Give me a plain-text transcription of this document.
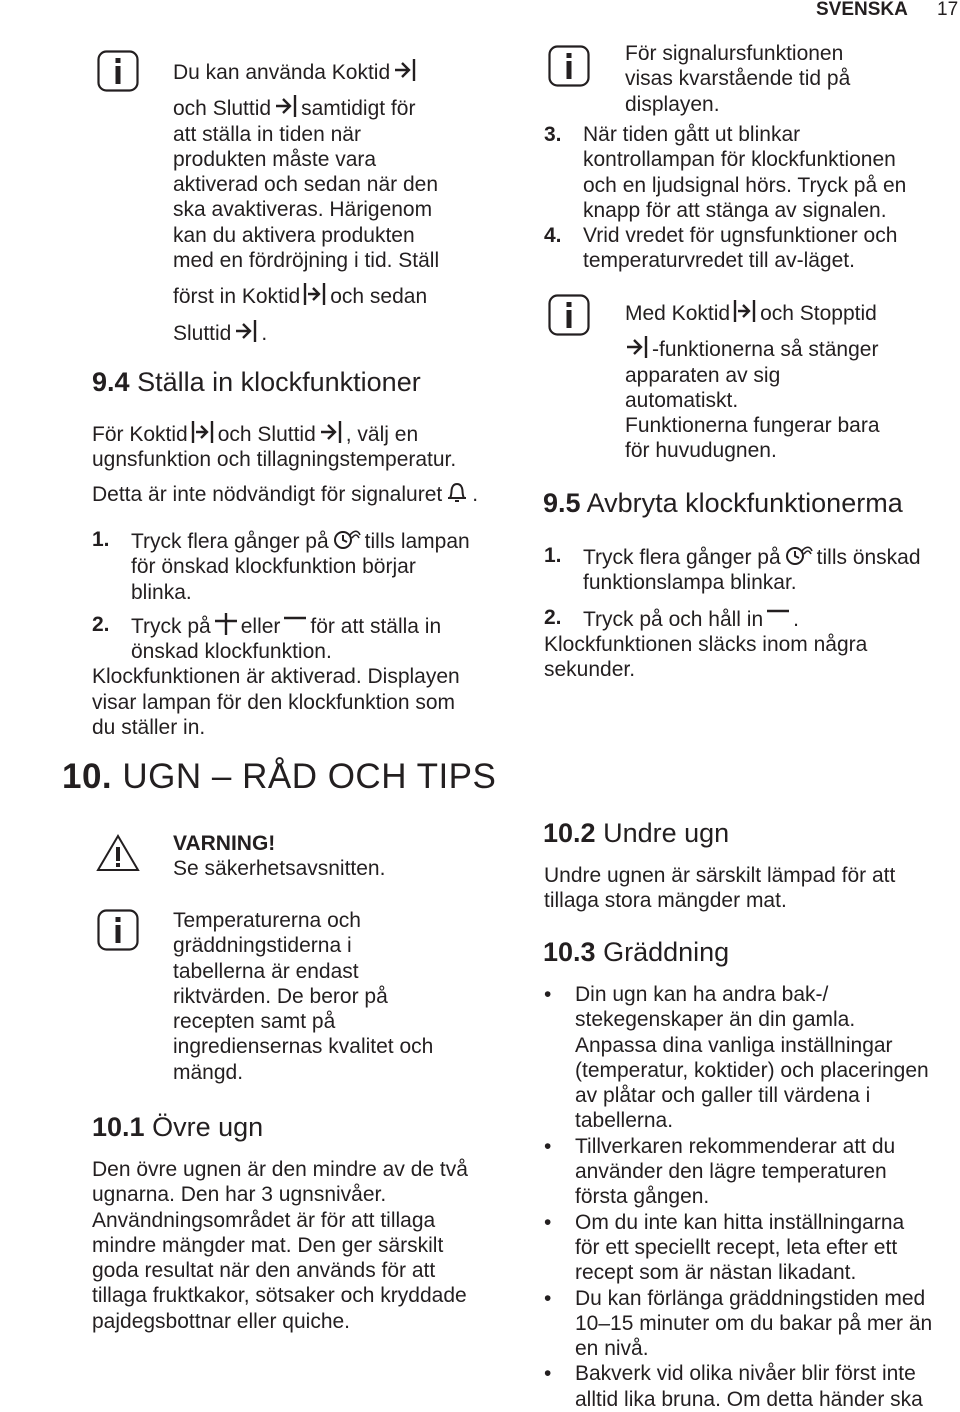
SVENSKA 17
Du kan använda Koktid
och Sluttid samtidigt för
att ställa in tiden när
produkten måste vara
aktiverad och sedan när den
ska avaktiveras. Härigenom
kan du aktivera produkten
med en fördröjning i tid. Ställ
först in Koktid och sedan
Sluttid .
9.4 Ställa in klockfunktioner
För Koktid och Sluttid , välj en
ugnsfunktion och tillagningstemperatur.
Detta är inte nödvändigt för signaluret .
1. Tryck flera gånger på tills lampan
för önskad klockfunktion börjar
blinka.
2. Tryck på eller för att ställa in
önskad klockfunktion.
Klockfunktionen är aktiverad. Displayen
visar lampan för den klockfunktion som
du ställer in.
10. UGN – RÅD OCH TIPS
VARNING!
Se säkerhetsavsnitten.
Temperaturerna och
gräddningstiderna i
tabellerna är endast
riktvärden. De beror på
recepten samt på
ingrediensernas kvalitet och
mängd.
10.1 Övre ugn
Den övre ugnen är den mindre av de två
ugnarna. Den har 3 ugnsnivåer.
Användningsområdet är för att tillaga
mindre mängder mat. Den ger särskilt
goda resultat när den används för att
tillaga fruktkakor, sötsaker och kryddade
pajdegsbottnar eller quiche.
För signalursfunktionen
visas kvarstående tid på
displayen.
3. När tiden gått ut blinkar
kontrollampan för klockfunktionen
och en ljudsignal hörs. Tryck på en
knapp för att stänga av signalen.
4. Vrid vredet för ugnsfunktioner och
temperaturvredet till av-läget.
Med Koktid och Stopptid
-funktionerna så stänger
apparaten av sig
automatiskt.
Funktionerna fungerar bara
för huvudugnen.
9.5 Avbryta klockfunktionerma
1. Tryck flera gånger på tills önskad
funktionslampa blinkar.
2. Tryck på och håll in .
Klockfunktionen släcks inom några
sekunder.
10.2 Undre ugn
Undre ugnen är särskilt lämpad för att
tillaga stora mängder mat.
10.3 Gräddning
• Din ugn kan ha andra bak-/
stekegenskaper än din gamla.
Anpassa dina vanliga inställningar
(temperatur, koktider) och placeringen
av plåtar och galler till värdena i
tabellerna.
• Tillverkaren rekommenderar att du
använder den lägre temperaturen
första gången.
• Om du inte kan hitta inställningarna
för ett speciellt recept, leta efter ett
recept som är nästan likadant.
• Du kan förlänga gräddningstiden med
10–15 minuter om du bakar på mer än
en nivå.
• Bakverk vid olika nivåer blir först inte
alltid lika bruna. Om detta händer ska
